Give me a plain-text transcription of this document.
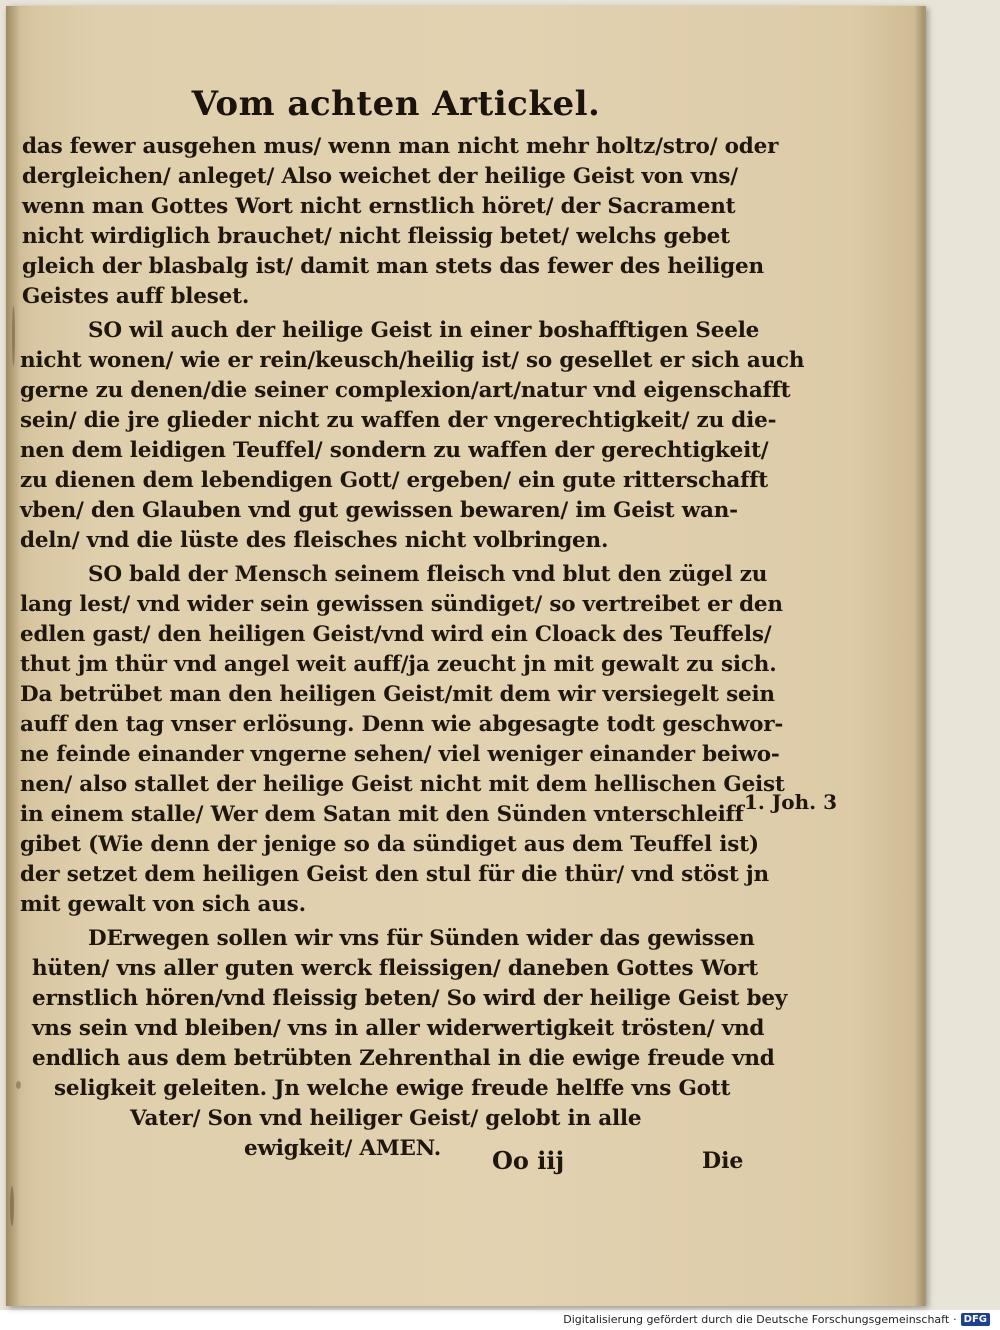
Vom achten Artickel.
das fewer ausgehen mus/ wenn man nicht mehr holtz/stro/ oder
dergleichen/ anleget/ Also weichet der heilige Geist von vns/
wenn man Gottes Wort nicht ernstlich höret/ der Sacrament
nicht wirdiglich brauchet/ nicht fleissig betet/ welchs gebet
gleich der blasbalg ist/ damit man stets das fewer des heiligen
Geistes auff bleset.
SO wil auch der heilige Geist in einer boshafftigen Seele
nicht wonen/ wie er rein/keusch/heilig ist/ so gesellet er sich auch
gerne zu denen/die seiner complexion/art/natur vnd eigenschafft
sein/ die jre glieder nicht zu waffen der vngerechtigkeit/ zu die-
nen dem leidigen Teuffel/ sondern zu waffen der gerechtigkeit/
zu dienen dem lebendigen Gott/ ergeben/ ein gute ritterschafft
vben/ den Glauben vnd gut gewissen bewaren/ im Geist wan-
deln/ vnd die lüste des fleisches nicht volbringen.
SO bald der Mensch seinem fleisch vnd blut den zügel zu
lang lest/ vnd wider sein gewissen sündiget/ so vertreibet er den
edlen gast/ den heiligen Geist/vnd wird ein Cloack des Teuffels/
thut jm thür vnd angel weit auff/ja zeucht jn mit gewalt zu sich.
Da betrübet man den heiligen Geist/mit dem wir versiegelt sein
auff den tag vnser erlösung. Denn wie abgesagte todt geschwor-
ne feinde einander vngerne sehen/ viel weniger einander beiwo-
nen/ also stallet der heilige Geist nicht mit dem hellischen Geist
in einem stalle/ Wer dem Satan mit den Sünden vnterschleiff
gibet (Wie denn der jenige so da sündiget aus dem Teuffel ist)
der setzet dem heiligen Geist den stul für die thür/ vnd stöst jn
mit gewalt von sich aus.
DErwegen sollen wir vns für Sünden wider das gewissen
hüten/ vns aller guten werck fleissigen/ daneben Gottes Wort
ernstlich hören/vnd fleissig beten/ So wird der heilige Geist bey
vns sein vnd bleiben/ vns in aller widerwertigkeit trösten/ vnd
endlich aus dem betrübten Zehrenthal in die ewige freude vnd
seligkeit geleiten. Jn welche ewige freude helffe vns Gott
Vater/ Son vnd heiliger Geist/ gelobt in alle
ewigkeit/ AMEN.
1. Joh. 3
Oo iij	Die
Digitalisierung gefördert durch die Deutsche Forschungsgemeinschaft · DFG
